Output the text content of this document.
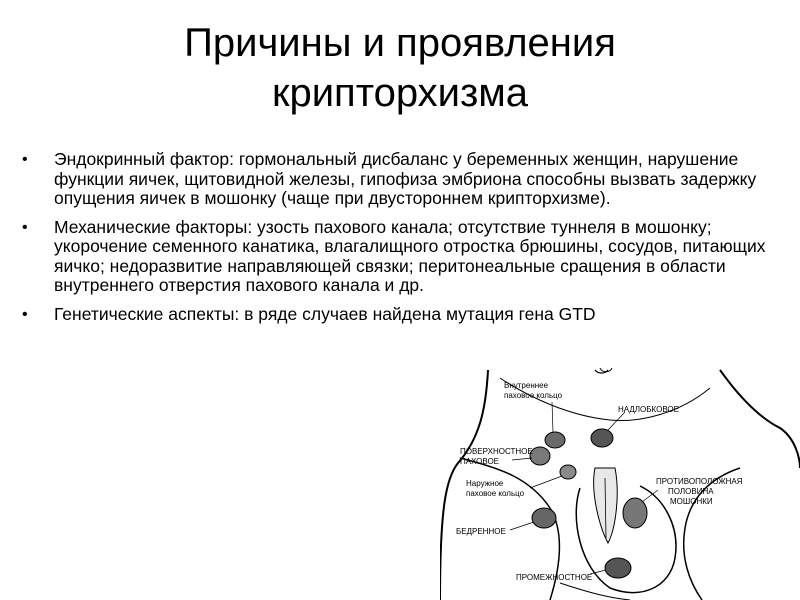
Причины и проявления
крипторхизма
• Эндокринный фактор: гормональный дисбаланс у беременных женщин, нарушение функции яичек, щитовидной железы, гипофиза эмбриона способны вызвать задержку опущения яичек в мошонку (чаще при двустороннем крипторхизме).
• Механические факторы: узость пахового канала; отсутствие туннеля в мошонку; укорочение семенного канатика, влагалищного отростка брюшины, сосудов, питающих яичко; недоразвитие направляющей связки; перитонеальные сращения в области внутреннего отверстия пахового канала и др.
• Генетические аспекты: в ряде случаев найдена мутация гена GTD
Внутреннее
паховое кольцо
НАДЛОБКОВОЕ
ПОВЕРХНОСТНОЕ
ПАХОВОЕ
Наружное
паховое кольцо
ПРОТИВОПОЛОЖНАЯ
ПОЛОВИНА
МОШОНКИ
БЕДРЕННОЕ
ПРОМЕЖНОСТНОЕ
